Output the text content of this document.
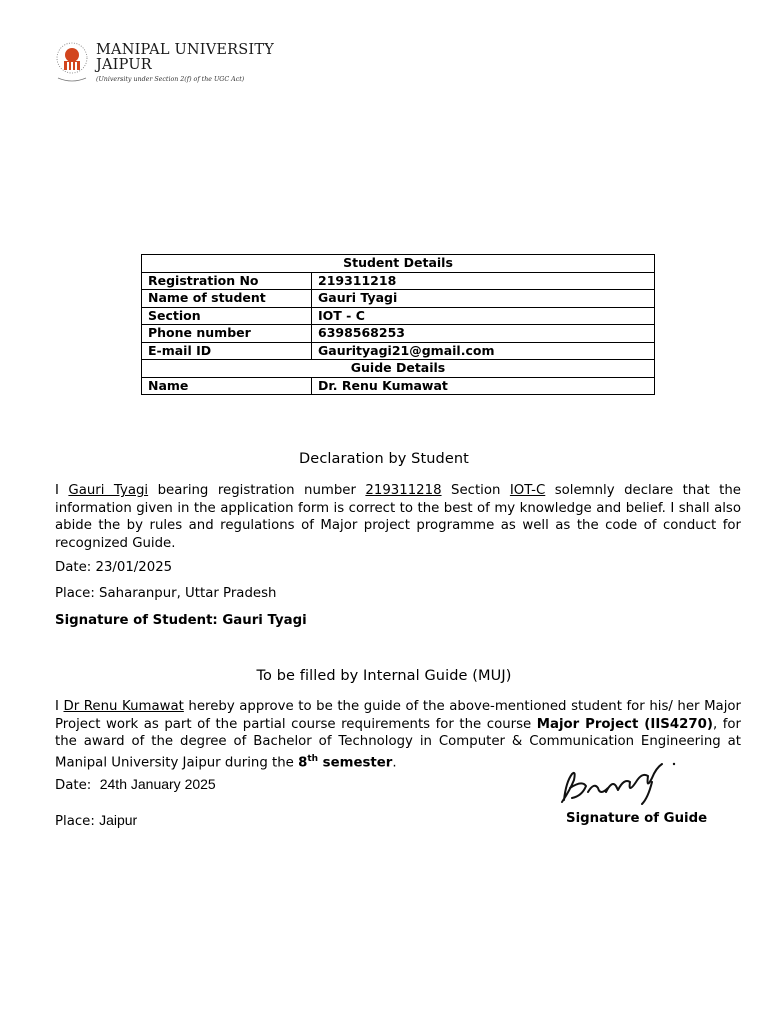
MANIPAL UNIVERSITY
JAIPUR
(University under Section 2(f) of the UGC Act)
Student Details	
Registration No	219311218
Name of student	Gauri Tyagi
Section	IOT - C
Phone number	6398568253
E-mail ID	Gaurityagi21@gmail.com
Guide Details	
Name	Dr. Renu Kumawat
Declaration by Student
I Gauri Tyagi bearing registration number 219311218 Section IOT-C solemnly declare that the information given in the application form is correct to the best of my knowledge and belief. I shall also abide the by rules and regulations of Major project programme as well as the code of conduct for recognized Guide.
Date: 23/01/2025
Place: Saharanpur, Uttar Pradesh
Signature of Student: Gauri Tyagi
To be filled by Internal Guide (MUJ)
I Dr Renu Kumawat hereby approve to be the guide of the above-mentioned student for his/ her Major Project work as part of the partial course requirements for the course Major Project (IIS4270), for the award of the degree of Bachelor of Technology in Computer & Communication Engineering at Manipal University Jaipur during the 8th semester.
Date: 24th January 2025
Place: Jaipur	Signature of Guide
